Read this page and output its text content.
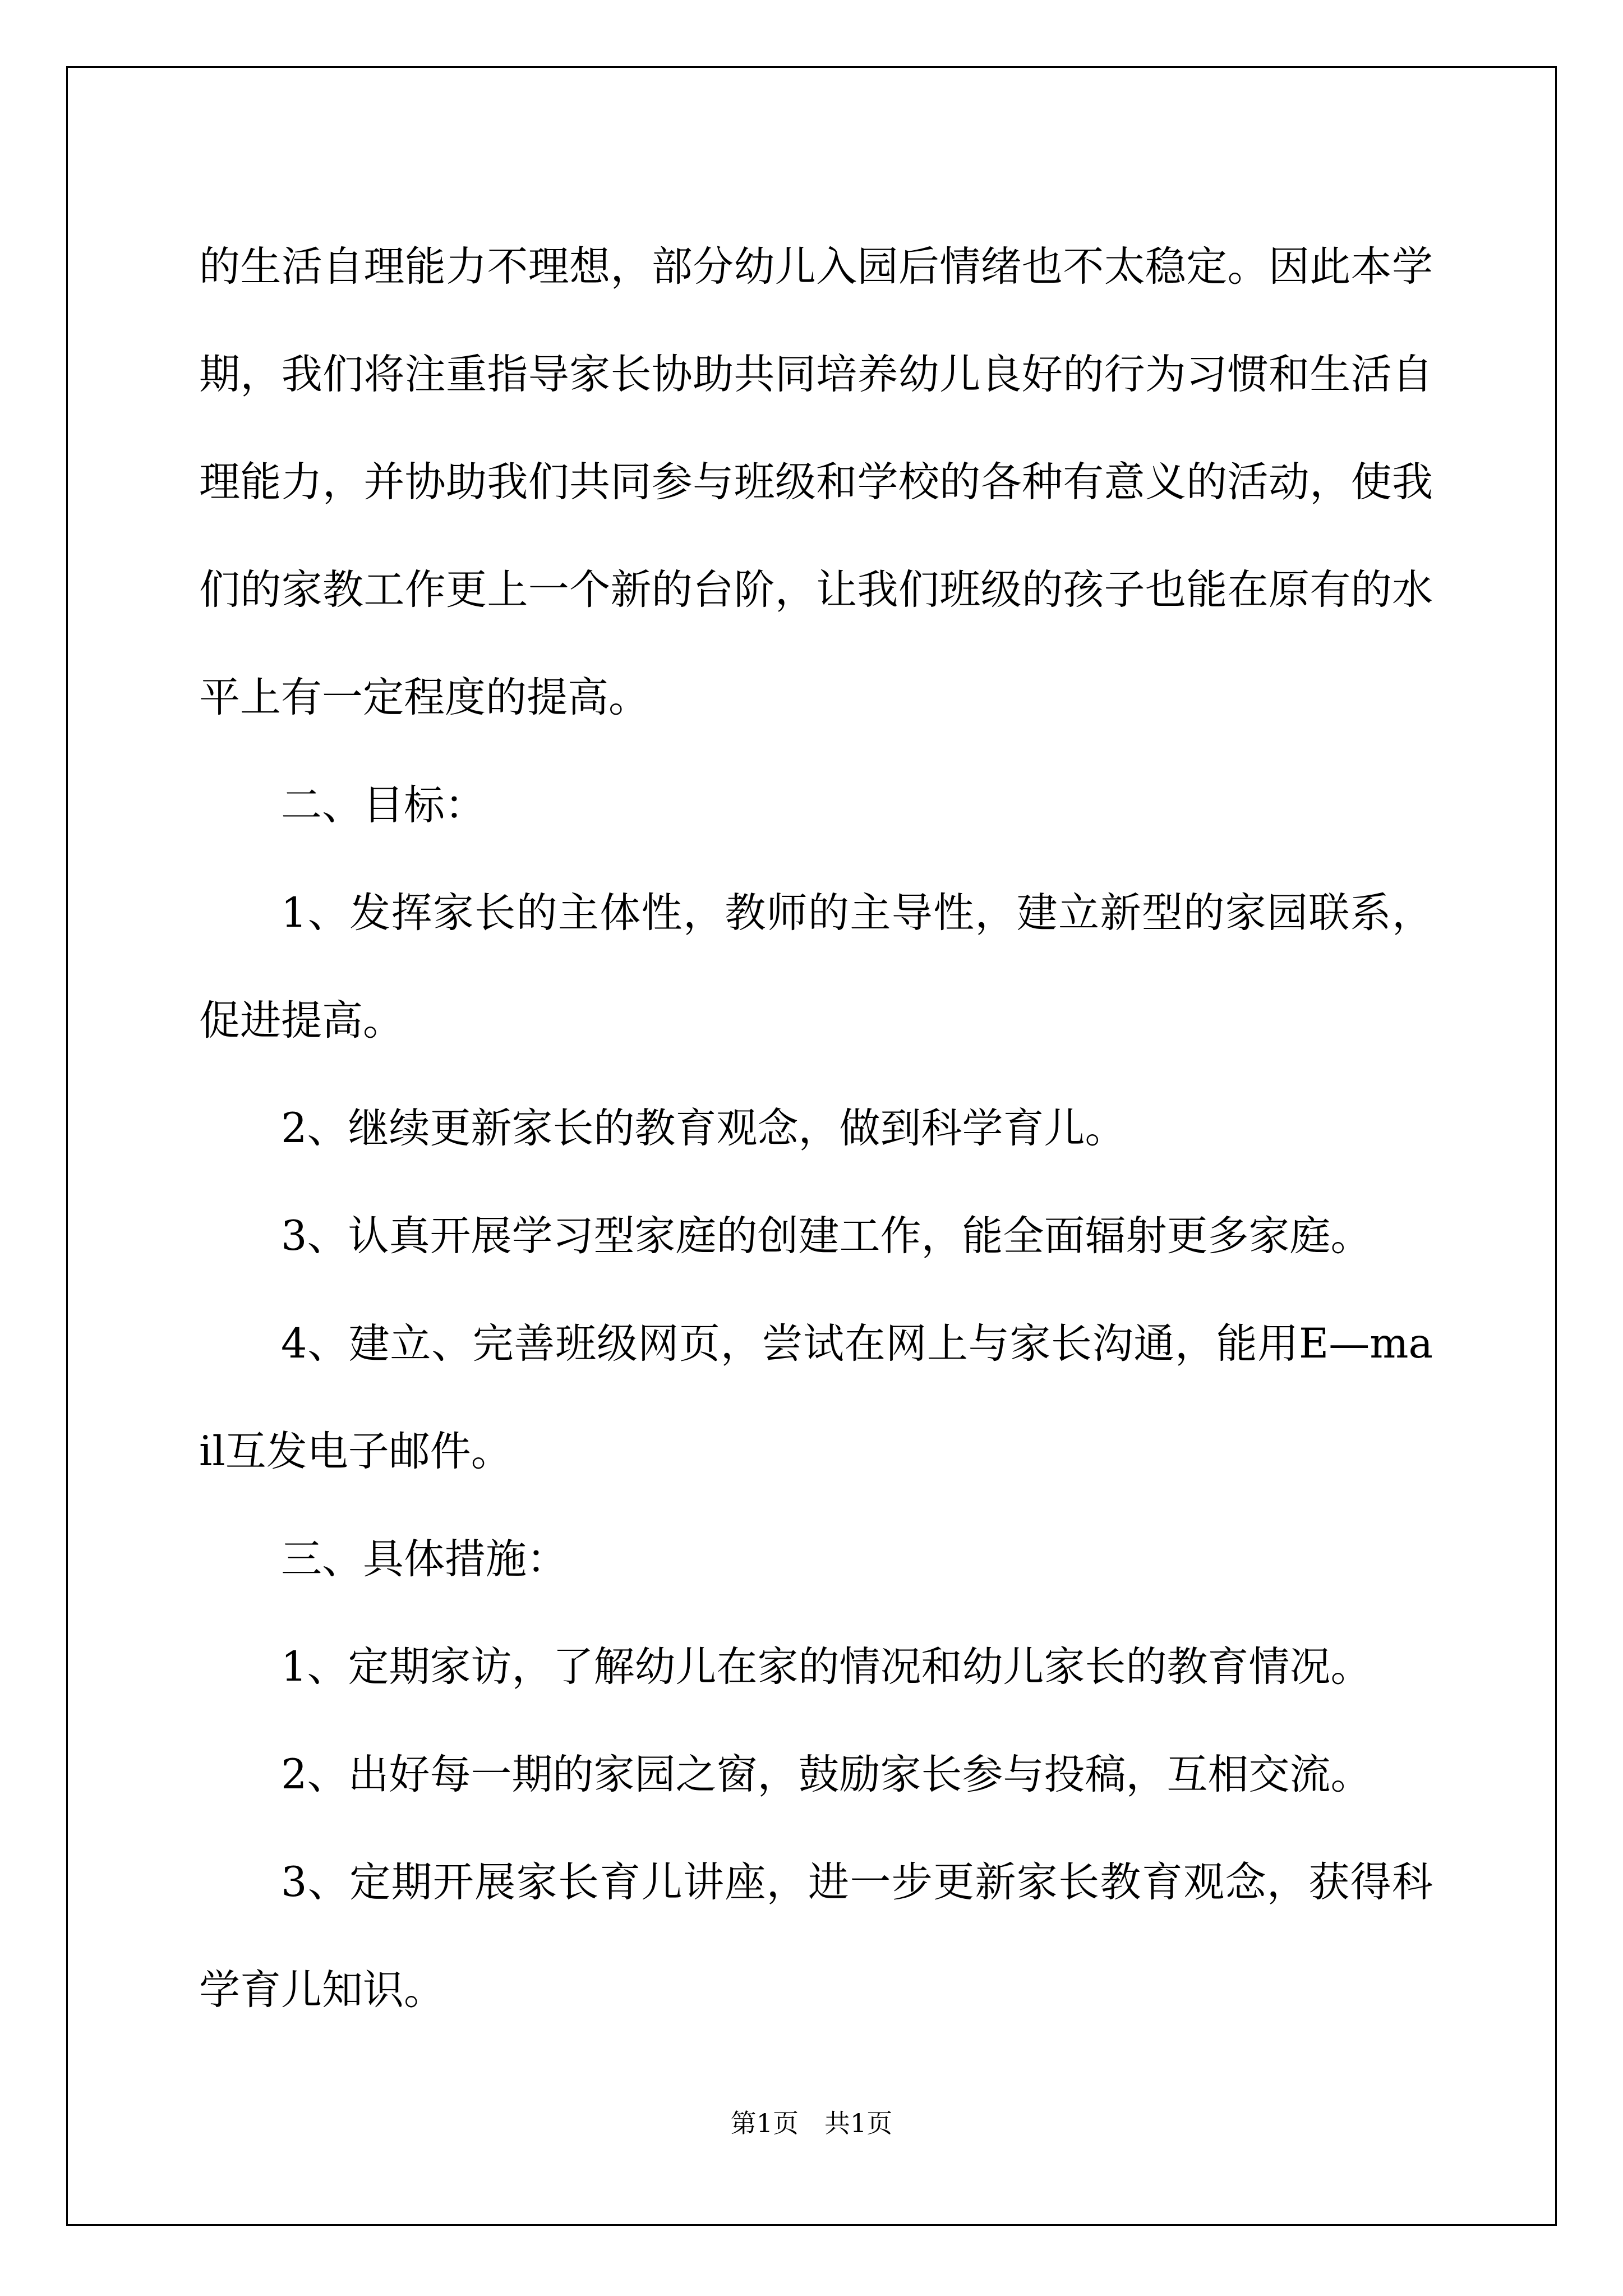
的生活自理能力不理想，部分幼儿入园后情绪也不太稳定。因此本学期，我们将注重指导家长协助共同培养幼儿良好的行为习惯和生活自理能力，并协助我们共同参与班级和学校的各种有意义的活动，使我们的家教工作更上一个新的台阶，让我们班级的孩子也能在原有的水平上有一定程度的提高。

二、目标：

1、发挥家长的主体性，教师的主导性，建立新型的家园联系，促进提高。

2、继续更新家长的教育观念，做到科学育儿。

3、认真开展学习型家庭的创建工作，能全面辐射更多家庭。

4、建立、完善班级网页，尝试在网上与家长沟通，能用E—mail互发电子邮件。

三、具体措施：

1、定期家访，了解幼儿在家的情况和幼儿家长的教育情况。

2、出好每一期的家园之窗，鼓励家长参与投稿，互相交流。

3、定期开展家长育儿讲座，进一步更新家长教育观念，获得科学育儿知识。

第1页　共1页
